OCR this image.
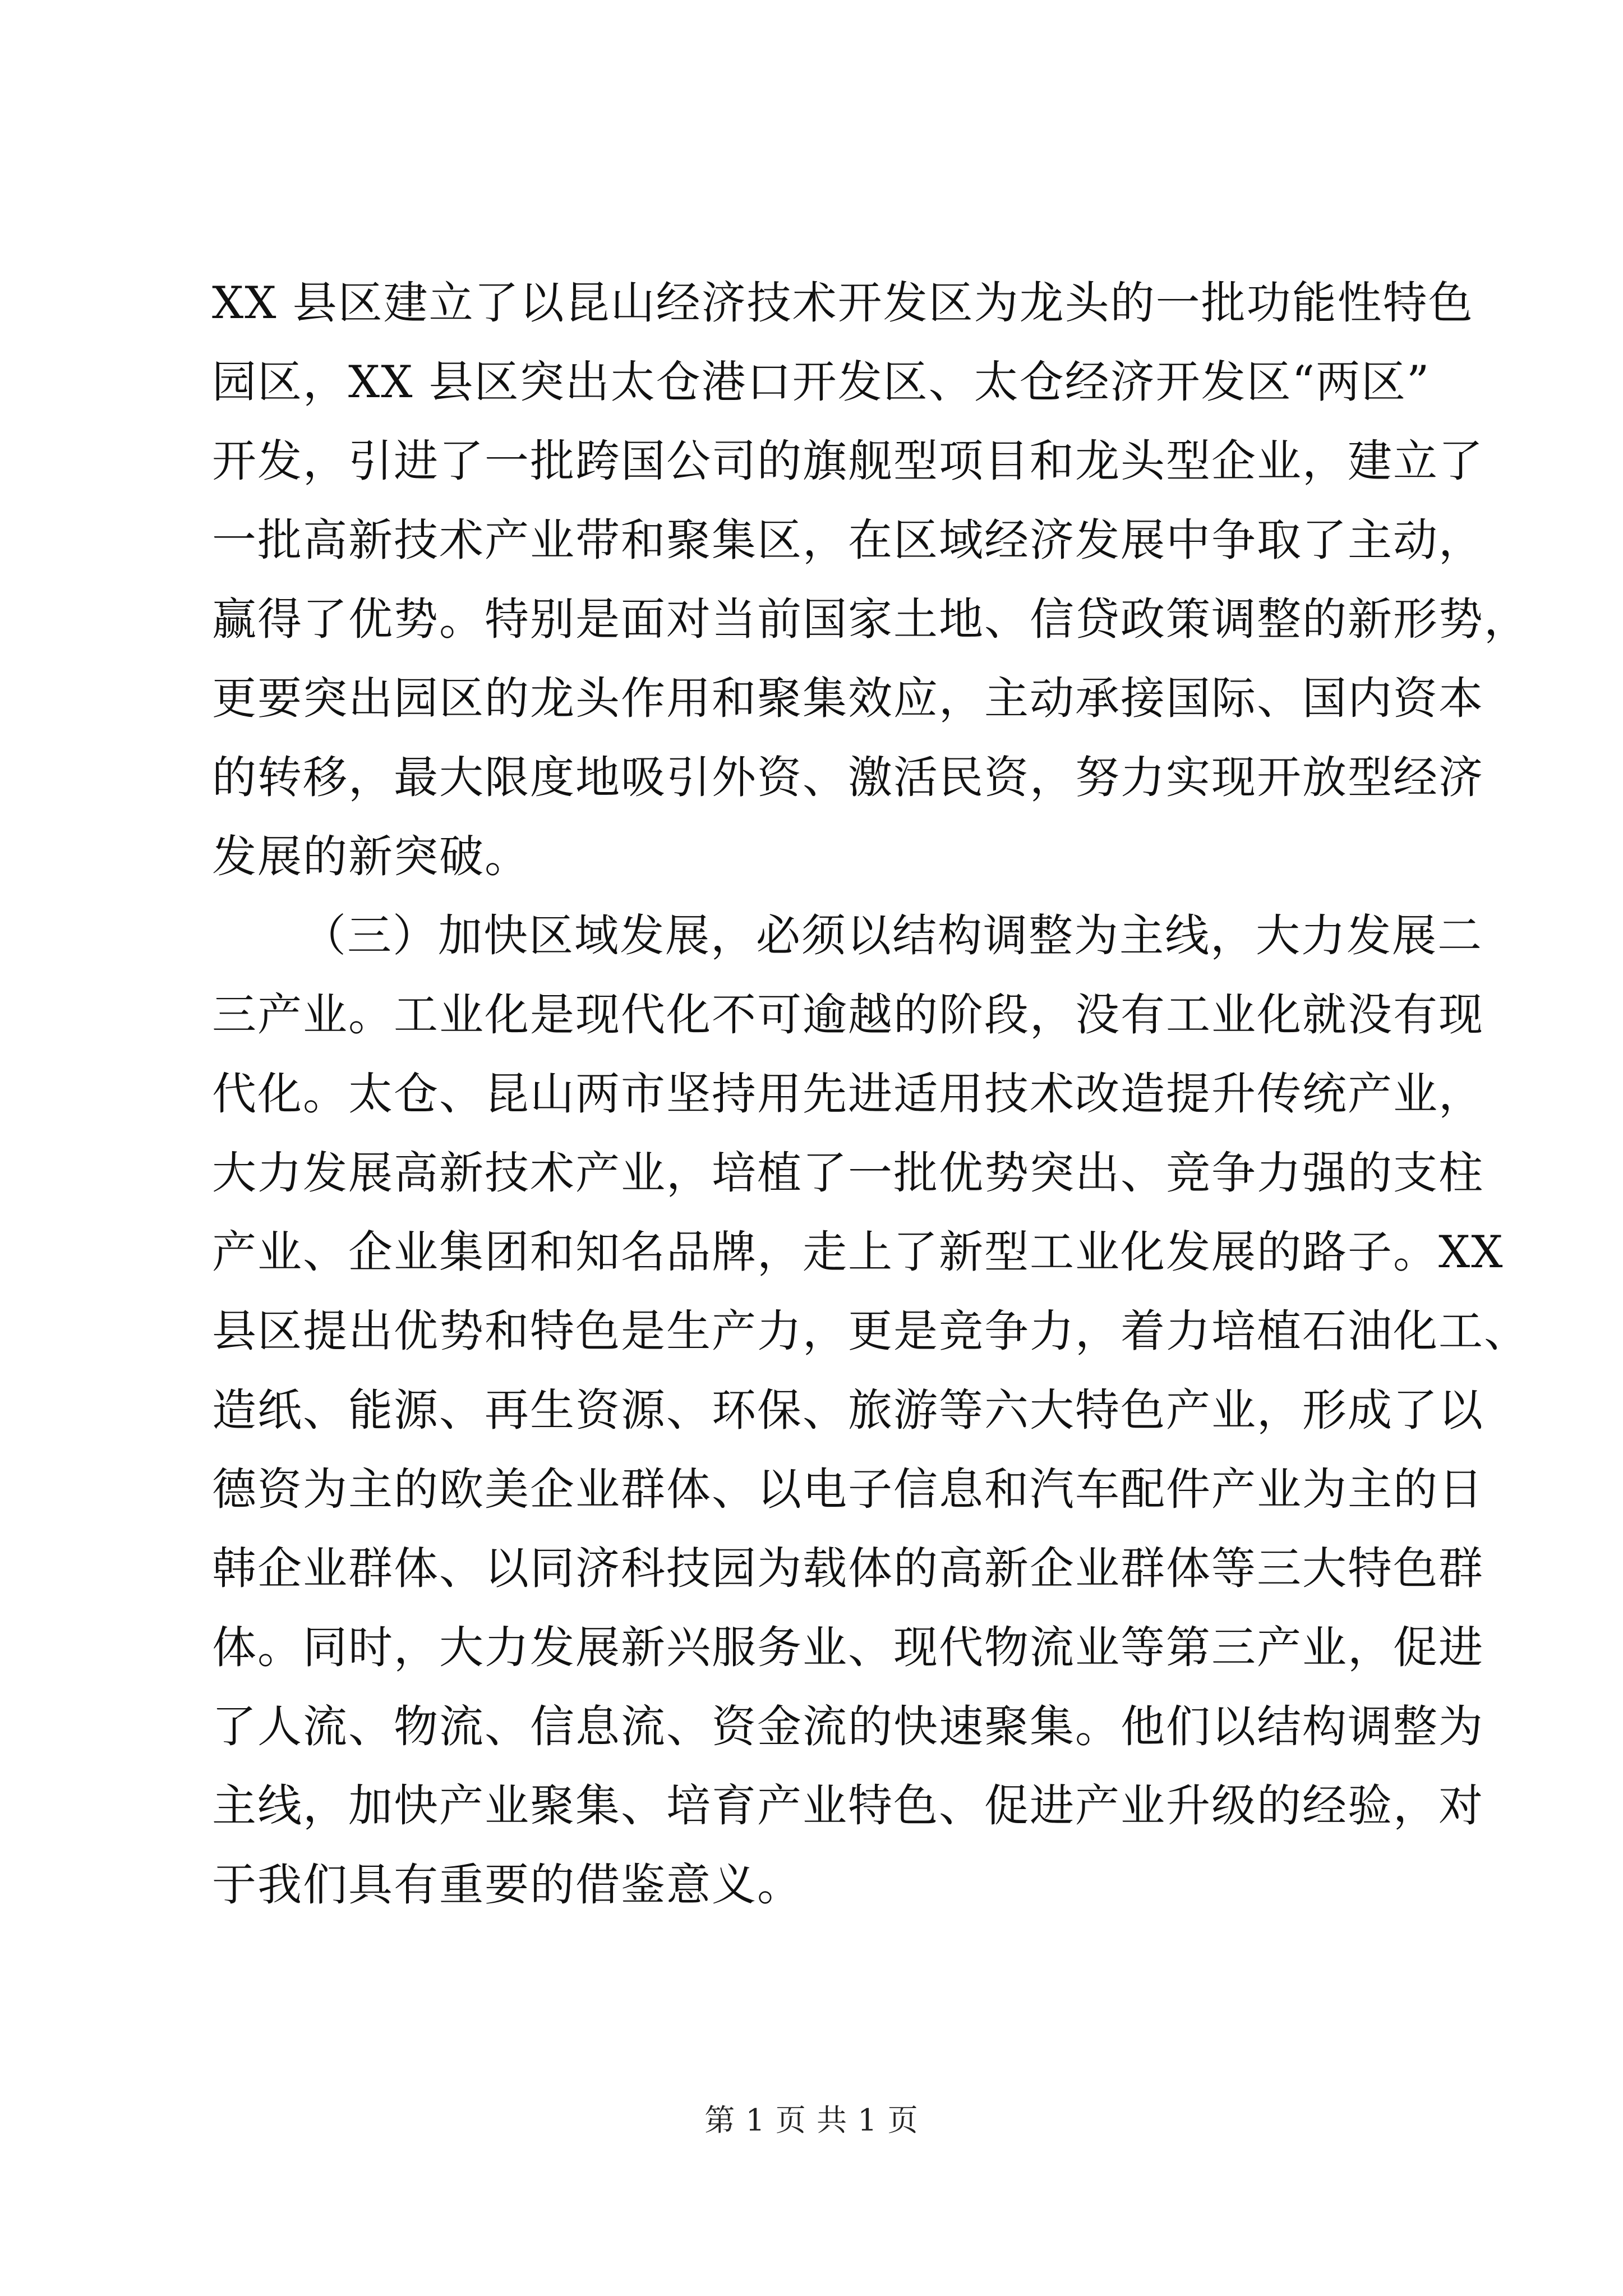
XX 县区建立了以昆山经济技术开发区为龙头的一批功能性特色
园区，XX 县区突出太仓港口开发区、太仓经济开发区“两区”
开发，引进了一批跨国公司的旗舰型项目和龙头型企业，建立了
一批高新技术产业带和聚集区，在区域经济发展中争取了主动，
赢得了优势。特别是面对当前国家土地、信贷政策调整的新形势，
更要突出园区的龙头作用和聚集效应，主动承接国际、国内资本
的转移，最大限度地吸引外资、激活民资，努力实现开放型经济
发展的新突破。
（三）加快区域发展，必须以结构调整为主线，大力发展二
三产业。工业化是现代化不可逾越的阶段，没有工业化就没有现
代化。太仓、昆山两市坚持用先进适用技术改造提升传统产业，
大力发展高新技术产业，培植了一批优势突出、竞争力强的支柱
产业、企业集团和知名品牌，走上了新型工业化发展的路子。XX
县区提出优势和特色是生产力，更是竞争力，着力培植石油化工、
造纸、能源、再生资源、环保、旅游等六大特色产业，形成了以
德资为主的欧美企业群体、以电子信息和汽车配件产业为主的日
韩企业群体、以同济科技园为载体的高新企业群体等三大特色群
体。同时，大力发展新兴服务业、现代物流业等第三产业，促进
了人流、物流、信息流、资金流的快速聚集。他们以结构调整为
主线，加快产业聚集、培育产业特色、促进产业升级的经验，对
于我们具有重要的借鉴意义。
第 1 页 共 1 页
